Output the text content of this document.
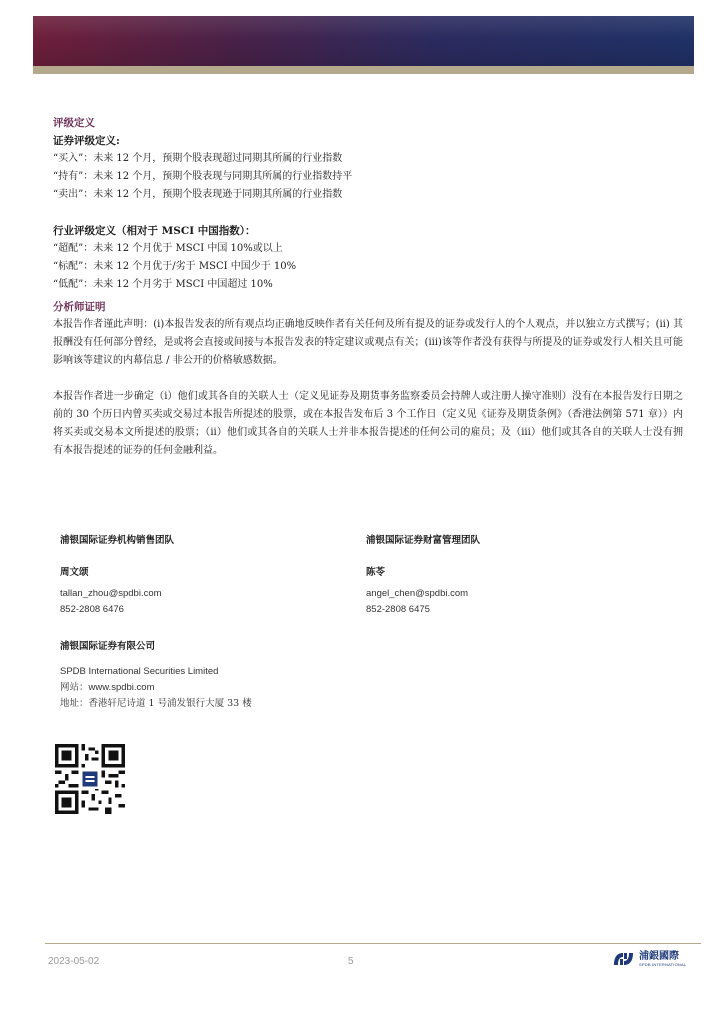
评级定义
证券评级定义:
“买入”：未来 12 个月，预期个股表现超过同期其所属的行业指数
“持有”：未来 12 个月，预期个股表现与同期其所属的行业指数持平
“卖出”：未来 12 个月，预期个股表现逊于同期其所属的行业指数
行业评级定义（相对于 MSCI 中国指数）：
“超配”：未来 12 个月优于 MSCI 中国 10%或以上
“标配”：未来 12 个月优于/劣于 MSCI 中国少于 10%
“低配”：未来 12 个月劣于 MSCI 中国超过 10%
分析师证明
本报告作者谨此声明：(i)本报告发表的所有观点均正确地反映作者有关任何及所有提及的证券或发行人的个人观点，并以独立方式撰写；(ii) 其报酬没有任何部分曾经，是或将会直接或间接与本报告发表的特定建议或观点有关；(iii)该等作者没有获得与所提及的证券或发行人相关且可能影响该等建议的内幕信息 / 非公开的价格敏感数据。
本报告作者进一步确定（i）他们或其各自的关联人士（定义见证券及期货事务监察委员会持牌人或注册人操守准则）没有在本报告发行日期之前的 30 个历日内曾买卖或交易过本报告所提述的股票，或在本报告发布后 3 个工作日（定义见《证券及期货条例》（香港法例第 571 章））内将买卖或交易本文所提述的股票；（ii）他们或其各自的关联人士并非本报告提述的任何公司的雇员；及（iii）他们或其各自的关联人士没有拥有本报告提述的证券的任何金融利益。
浦银国际证券机构销售团队
周文颂
tallan_zhou@spdbi.com
852-2808 6476
浦银国际证券财富管理团队
陈苓
angel_chen@spdbi.com
852-2808 6475
浦银国际证券有限公司
SPDB International Securities Limited
网站：www.spdbi.com
地址：香港轩尼诗道 1 号浦发银行大厦 33 楼
2023-05-02	5	浦銀國際
SPDB INTERNATIONAL
